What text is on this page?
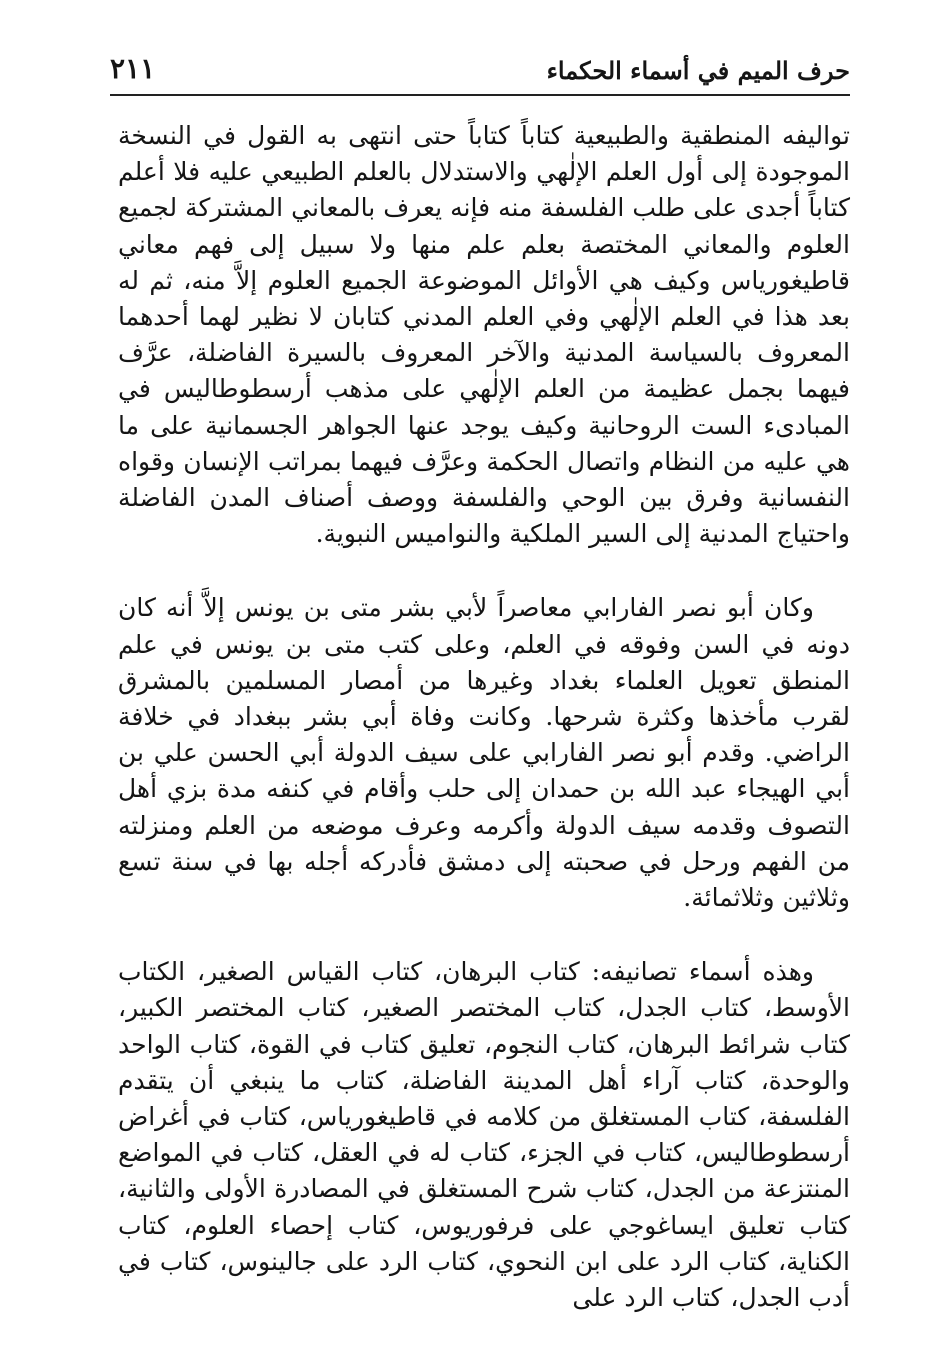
حرف الميم في أسماء الحكماء
٢١١

تواليفه المنطقية والطبيعية كتاباً كتاباً حتى انتهى به القول في النسخة الموجودة إلى أول العلم الإلٰهي والاستدلال بالعلم الطبيعي عليه فلا أعلم كتاباً أجدى على طلب الفلسفة منه فإنه يعرف بالمعاني المشتركة لجميع العلوم والمعاني المختصة بعلم علم منها ولا سبيل إلى فهم معاني قاطيغورياس وكيف هي الأوائل الموضوعة الجميع العلوم إلاَّ منه، ثم له بعد هذا في العلم الإلٰهي وفي العلم المدني كتابان لا نظير لهما أحدهما المعروف بالسياسة المدنية والآخر المعروف بالسيرة الفاضلة، عرَّف فيهما بجمل عظيمة من العلم الإلٰهي على مذهب أرسطوطاليس في المبادىء الست الروحانية وكيف يوجد عنها الجواهر الجسمانية على ما هي عليه من النظام واتصال الحكمة وعرَّف فيهما بمراتب الإنسان وقواه النفسانية وفرق بين الوحي والفلسفة ووصف أصناف المدن الفاضلة واحتياج المدنية إلى السير الملكية والنواميس النبوية.

وكان أبو نصر الفارابي معاصراً لأبي بشر متى بن يونس إلاَّ أنه كان دونه في السن وفوقه في العلم، وعلى كتب متى بن يونس في علم المنطق تعويل العلماء بغداد وغيرها من أمصار المسلمين بالمشرق لقرب مأخذها وكثرة شرحها. وكانت وفاة أبي بشر ببغداد في خلافة الراضي. وقدم أبو نصر الفارابي على سيف الدولة أبي الحسن علي بن أبي الهيجاء عبد الله بن حمدان إلى حلب وأقام في كنفه مدة بزي أهل التصوف وقدمه سيف الدولة وأكرمه وعرف موضعه من العلم ومنزلته من الفهم ورحل في صحبته إلى دمشق فأدركه أجله بها في سنة تسع وثلاثين وثلاثمائة.

وهذه أسماء تصانيفه: كتاب البرهان، كتاب القياس الصغير، الكتاب الأوسط، كتاب الجدل، كتاب المختصر الصغير، كتاب المختصر الكبير، كتاب شرائط البرهان، كتاب النجوم، تعليق كتاب في القوة، كتاب الواحد والوحدة، كتاب آراء أهل المدينة الفاضلة، كتاب ما ينبغي أن يتقدم الفلسفة، كتاب المستغلق من كلامه في قاطيغورياس، كتاب في أغراض أرسطوطاليس، كتاب في الجزء، كتاب له في العقل، كتاب في المواضع المنتزعة من الجدل، كتاب شرح المستغلق في المصادرة الأولى والثانية، كتاب تعليق ايساغوجي على فرفوريوس، كتاب إحصاء العلوم، كتاب الكناية، كتاب الرد على ابن النحوي، كتاب الرد على جالينوس، كتاب في أدب الجدل، كتاب الرد على
